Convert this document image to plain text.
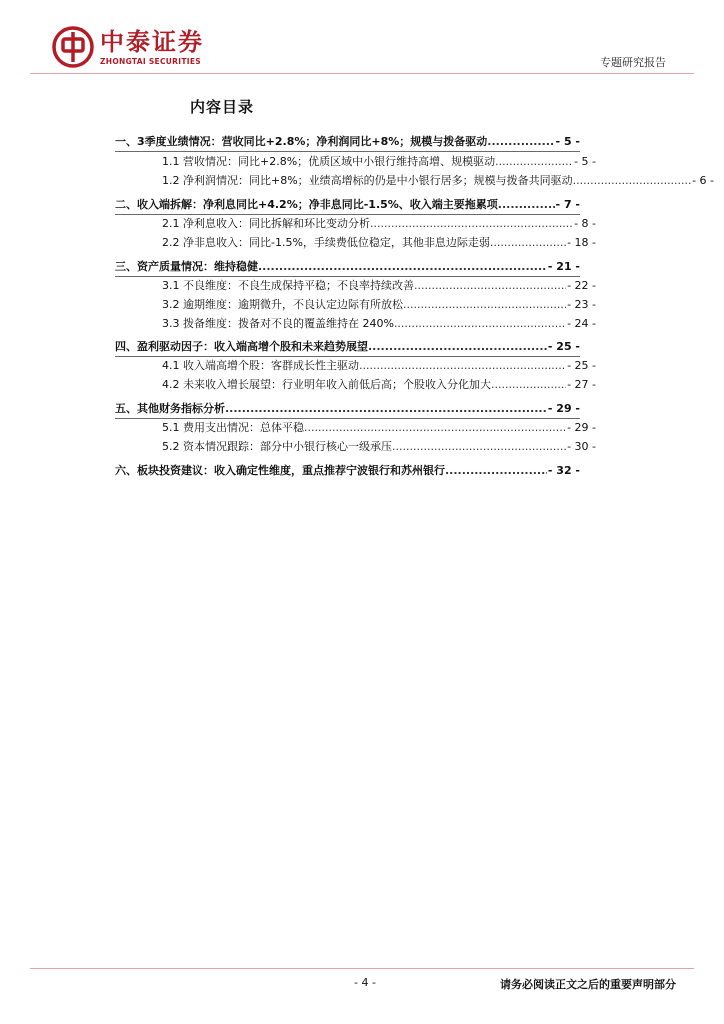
中泰证券
ZHONGTAI SECURITIES	专题研究报告
内容目录
一、3季度业绩情况：营收同比+2.8%；净利润同比+8%；规模与拨备驱动 .....	- 5 -
1.1 营收情况：同比+2.8%；优质区域中小银行维持高增、规模驱动 .....	- 5 -
1.2 净利润情况：同比+8%；业绩高增标的仍是中小银行居多；规模与拨备共同驱动 .....	- 6 -
二、收入端拆解：净利息同比+4.2%；净非息同比-1.5%、收入端主要拖累项 .....	- 7 -
2.1 净利息收入：同比拆解和环比变动分析 .....	- 8 -
2.2 净非息收入：同比-1.5%，手续费低位稳定，其他非息边际走弱 .....	- 18 -
三、资产质量情况：维持稳健 .....	- 21 -
3.1 不良维度：不良生成保持平稳；不良率持续改善 .....	- 22 -
3.2 逾期维度：逾期微升，不良认定边际有所放松 .....	- 23 -
3.3 拨备维度：拨备对不良的覆盖维持在 240% .....	- 24 -
四、盈利驱动因子：收入端高增个股和未来趋势展望 .....	- 25 -
4.1 收入端高增个股：客群成长性主驱动 .....	- 25 -
4.2 未来收入增长展望：行业明年收入前低后高；个股收入分化加大 .....	- 27 -
五、其他财务指标分析 .....	- 29 -
5.1 费用支出情况：总体平稳 .....	- 29 -
5.2 资本情况跟踪：部分中小银行核心一级承压 .....	- 30 -
六、板块投资建议：收入确定性维度，重点推荐宁波银行和苏州银行 .....	- 32 -
- 4 -	请务必阅读正文之后的重要声明部分
